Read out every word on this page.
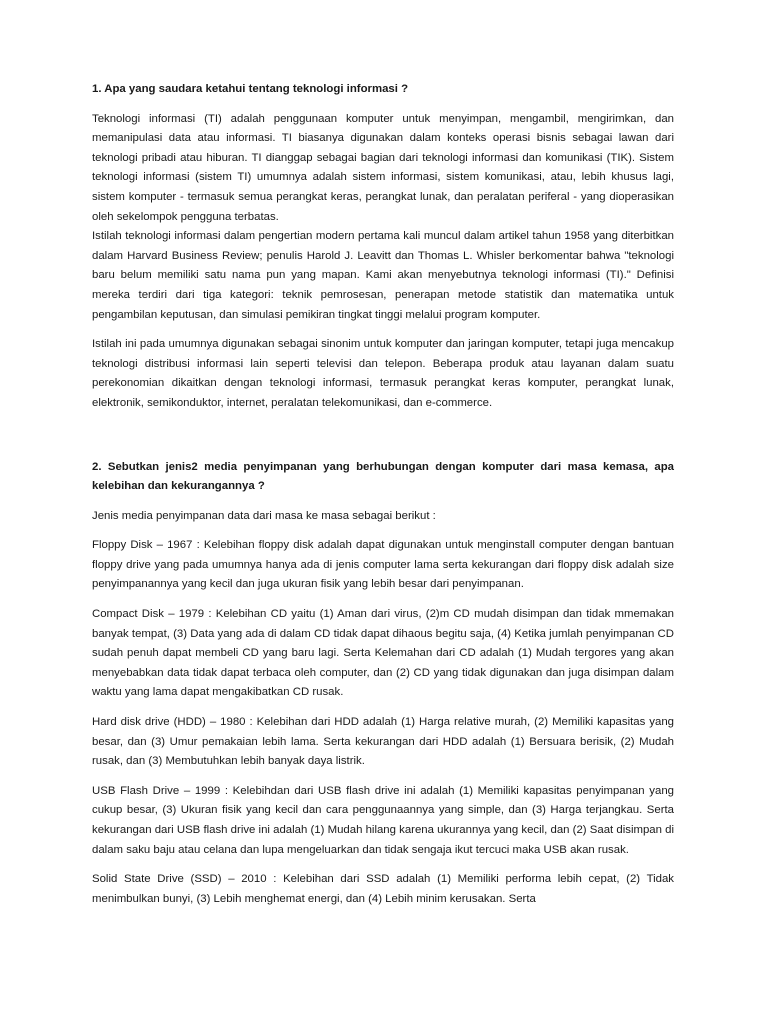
1. Apa yang saudara ketahui tentang teknologi informasi ?
Teknologi informasi (TI) adalah penggunaan komputer untuk menyimpan, mengambil, mengirimkan, dan memanipulasi data atau informasi. TI biasanya digunakan dalam konteks operasi bisnis sebagai lawan dari teknologi pribadi atau hiburan. TI dianggap sebagai bagian dari teknologi informasi dan komunikasi (TIK). Sistem teknologi informasi (sistem TI) umumnya adalah sistem informasi, sistem komunikasi, atau, lebih khusus lagi, sistem komputer - termasuk semua perangkat keras, perangkat lunak, dan peralatan periferal - yang dioperasikan oleh sekelompok pengguna terbatas.
Istilah teknologi informasi dalam pengertian modern pertama kali muncul dalam artikel tahun 1958 yang diterbitkan dalam Harvard Business Review; penulis Harold J. Leavitt dan Thomas L. Whisler berkomentar bahwa "teknologi baru belum memiliki satu nama pun yang mapan. Kami akan menyebutnya teknologi informasi (TI)." Definisi mereka terdiri dari tiga kategori: teknik pemrosesan, penerapan metode statistik dan matematika untuk pengambilan keputusan, dan simulasi pemikiran tingkat tinggi melalui program komputer.
Istilah ini pada umumnya digunakan sebagai sinonim untuk komputer dan jaringan komputer, tetapi juga mencakup teknologi distribusi informasi lain seperti televisi dan telepon. Beberapa produk atau layanan dalam suatu perekonomian dikaitkan dengan teknologi informasi, termasuk perangkat keras komputer, perangkat lunak, elektronik, semikonduktor, internet, peralatan telekomunikasi, dan e-commerce.
2. Sebutkan jenis2 media penyimpanan yang berhubungan dengan komputer dari masa kemasa, apa kelebihan dan kekurangannya ?
Jenis media penyimpanan data dari masa ke masa sebagai berikut :
Floppy Disk – 1967 : Kelebihan floppy disk adalah dapat digunakan untuk menginstall computer dengan bantuan floppy drive yang pada umumnya hanya ada di jenis computer lama serta kekurangan dari floppy disk adalah size penyimpanannya yang kecil dan juga ukuran fisik yang lebih besar dari penyimpanan.
Compact Disk – 1979 : Kelebihan CD yaitu (1) Aman dari virus, (2)m CD mudah disimpan dan tidak mmemakan banyak tempat, (3) Data yang ada di dalam CD tidak dapat dihaous begitu saja, (4) Ketika jumlah penyimpanan CD sudah penuh dapat membeli CD yang baru lagi. Serta Kelemahan dari CD adalah (1) Mudah tergores yang akan menyebabkan data tidak dapat terbaca oleh computer, dan (2) CD yang tidak digunakan dan juga disimpan dalam waktu yang lama dapat mengakibatkan CD rusak.
Hard disk drive (HDD) – 1980 : Kelebihan dari HDD adalah (1) Harga relative murah, (2) Memiliki kapasitas yang besar, dan (3) Umur pemakaian lebih lama. Serta kekurangan dari HDD adalah (1) Bersuara berisik, (2) Mudah rusak, dan (3) Membutuhkan lebih banyak daya listrik.
USB Flash Drive – 1999 : Kelebihdan dari USB flash drive ini adalah (1) Memiliki kapasitas penyimpanan yang cukup besar, (3) Ukuran fisik yang kecil dan cara penggunaannya yang simple, dan (3) Harga terjangkau. Serta kekurangan dari USB flash drive ini adalah (1) Mudah hilang karena ukurannya yang kecil, dan (2) Saat disimpan di dalam saku baju atau celana dan lupa mengeluarkan dan tidak sengaja ikut tercuci maka USB akan rusak.
Solid State Drive (SSD) – 2010 : Kelebihan dari SSD adalah (1) Memiliki performa lebih cepat, (2) Tidak menimbulkan bunyi, (3) Lebih menghemat energi, dan (4) Lebih minim kerusakan. Serta
